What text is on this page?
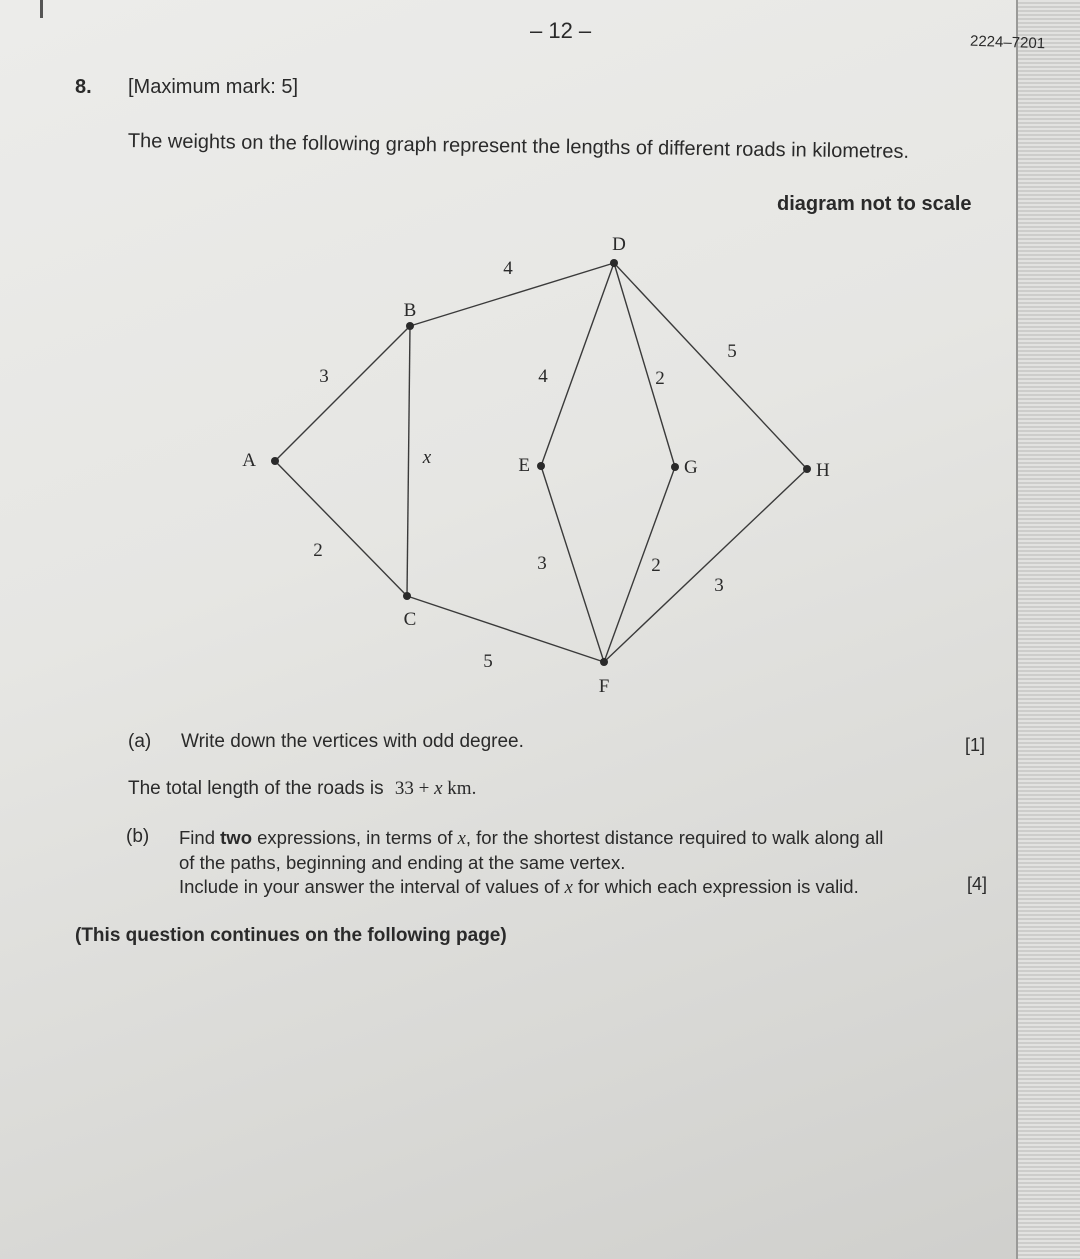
– 12 –	2224–7201
8. [Maximum mark: 5]
The weights on the following graph represent the lengths of different roads in kilometres.
diagram not to scale
3
2
x
4
5
4	2
5
3	2
3
A
B
C
D
E
F
G	H
(a) Write down the vertices with odd degree.	[1]
The total length of the roads is 33 + x km.
(b) Find two expressions, in terms of x, for the shortest distance required to walk along all
of the paths, beginning and ending at the same vertex.
Include in your answer the interval of values of x for which each expression is valid.	[4]
(This question continues on the following page)
